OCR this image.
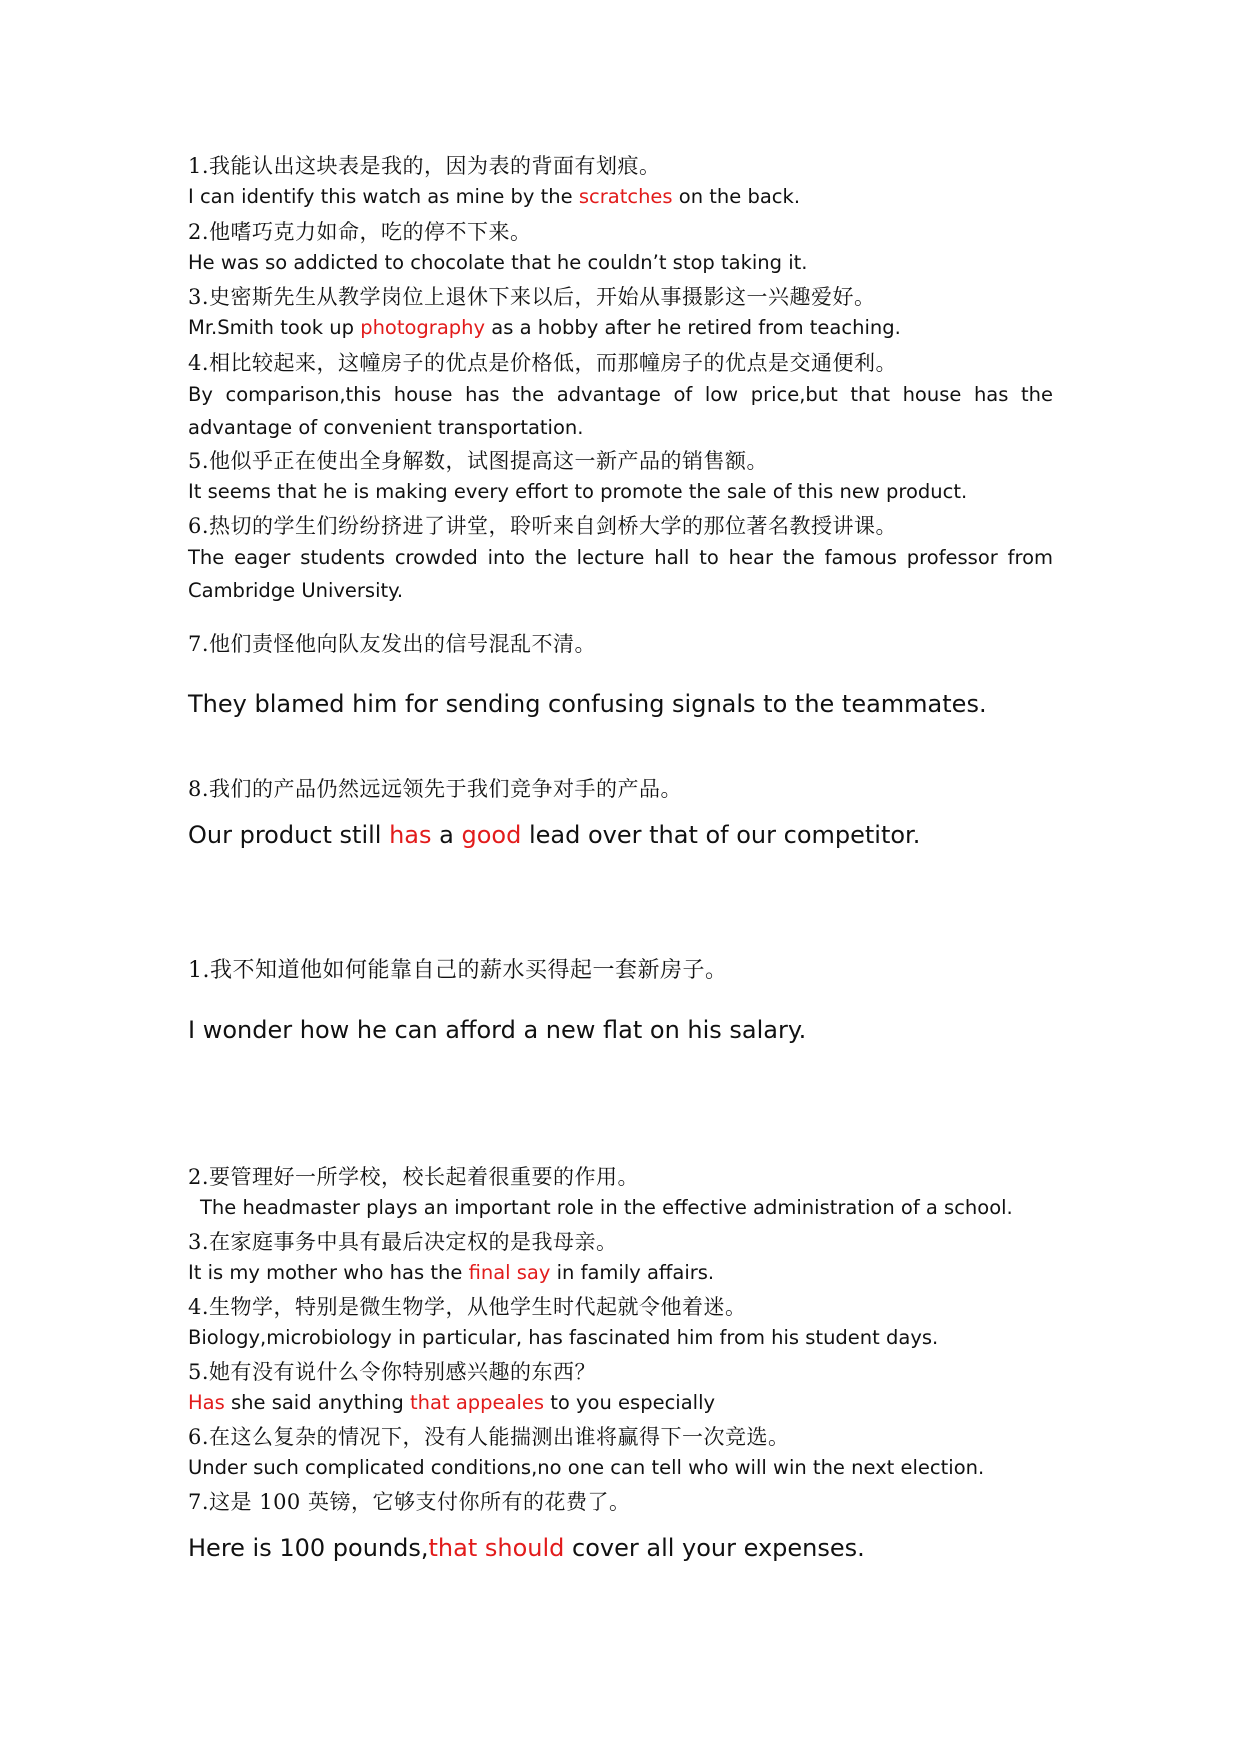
1.我能认出这块表是我的，因为表的背面有划痕。
I can identify this watch as mine by the scratches on the back.
2.他嗜巧克力如命，吃的停不下来。
He was so addicted to chocolate that he couldn’t stop taking it.
3.史密斯先生从教学岗位上退休下来以后，开始从事摄影这一兴趣爱好。
Mr.Smith took up photography as a hobby after he retired from teaching.
4.相比较起来，这幢房子的优点是价格低，而那幢房子的优点是交通便利。
By comparison,this house has the advantage of low price,but that house has the advantage of convenient transportation.
5.他似乎正在使出全身解数，试图提高这一新产品的销售额。
It seems that he is making every effort to promote the sale of this new product.
6.热切的学生们纷纷挤进了讲堂，聆听来自剑桥大学的那位著名教授讲课。
The eager students crowded into the lecture hall to hear the famous professor from Cambridge University.
7.他们责怪他向队友发出的信号混乱不清。
They blamed him for sending confusing signals to the teammates.
8.我们的产品仍然远远领先于我们竞争对手的产品。
Our product still has a good lead over that of our competitor.
1.我不知道他如何能靠自己的薪水买得起一套新房子。
I wonder how he can afford a new flat on his salary.
2.要管理好一所学校，校长起着很重要的作用。
The headmaster plays an important role in the effective administration of a school.
3.在家庭事务中具有最后决定权的是我母亲。
It is my mother who has the final say in family affairs.
4.生物学，特别是微生物学，从他学生时代起就令他着迷。
Biology,microbiology in particular, has fascinated him from his student days.
5.她有没有说什么令你特别感兴趣的东西？
Has she said anything that appeales to you especially
6.在这么复杂的情况下，没有人能揣测出谁将赢得下一次竞选。
Under such complicated conditions,no one can tell who will win the next election.
7.这是 100 英镑，它够支付你所有的花费了。
Here is 100 pounds,that should cover all your expenses.
